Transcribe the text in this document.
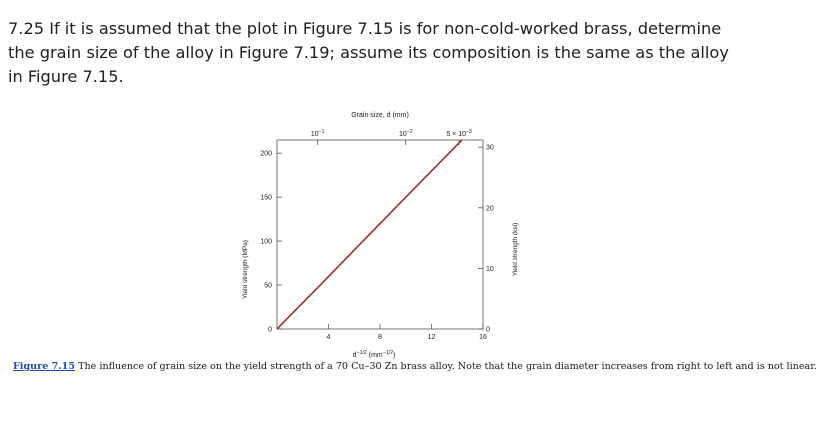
7.25 If it is assumed that the plot in Figure 7.15 is for non-cold-worked brass, determine the grain size of the alloy in Figure 7.19; assume its composition is the same as the alloy in Figure 7.15.

4	8	12	16
0
50
100
150
200
0
10
20
30
$10^{-1}$	$10^{-2}$	$5 \times 10^{-3}$
Grain size, d (mm)
$d^{-1/2}$ $(mm^{-1/2})$
Yield strength (MPa)	Yield strength (ksi)
Figure 7.15 The influence of grain size on the yield strength of a 70 Cu–30 Zn brass alloy. Note that the grain diameter increases from right to left and is not linear.
